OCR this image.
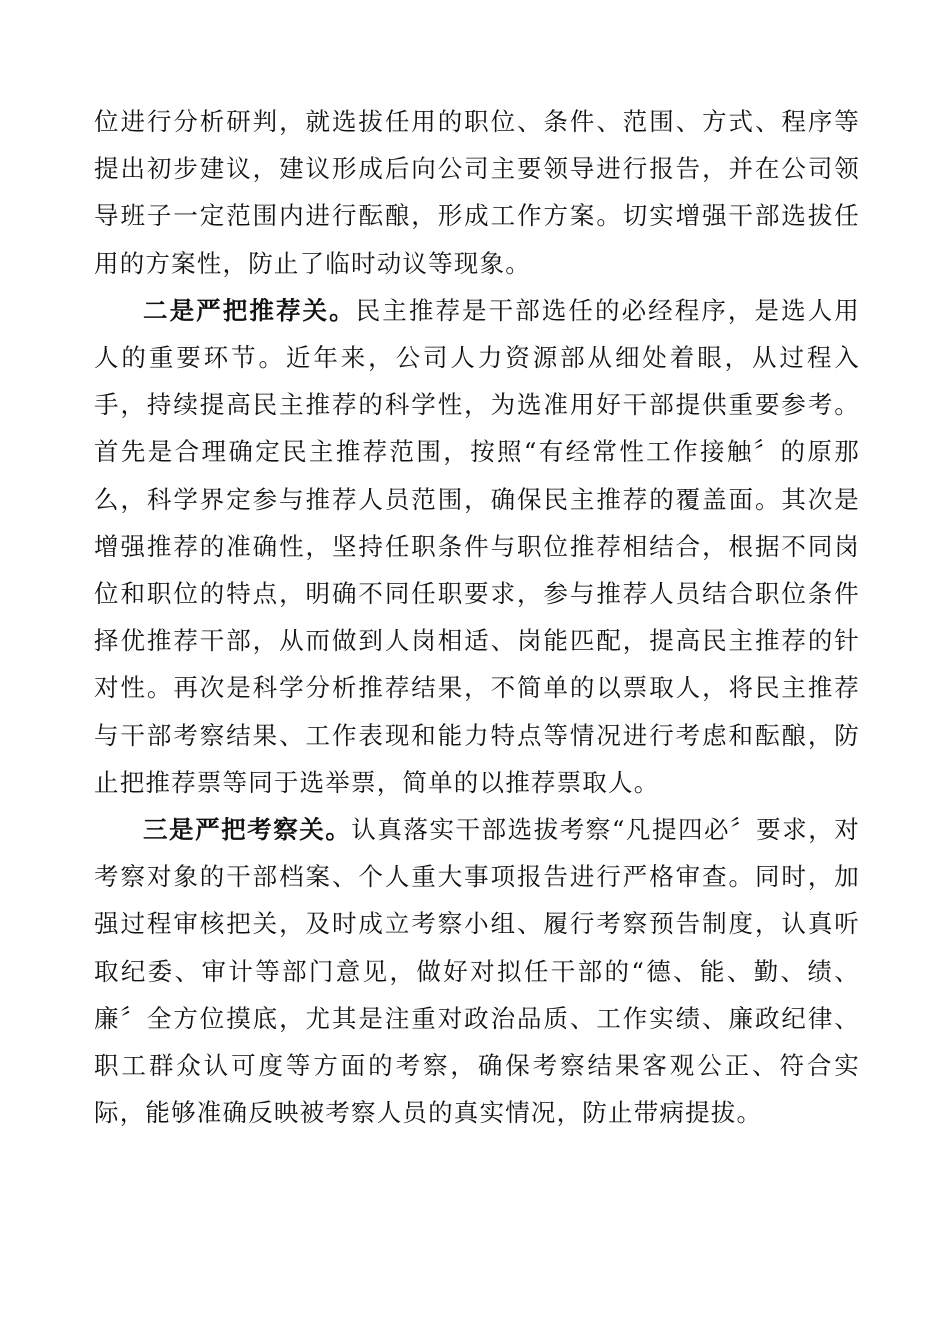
位进行分析研判，就选拔任用的职位、条件、范围、方式、程序等提出初步建议，建议形成后向公司主要领导进行报告，并在公司领导班子一定范围内进行酝酿，形成工作方案。切实增强干部选拔任用的方案性，防止了临时动议等现象。

二是严把推荐关。民主推荐是干部选任的必经程序，是选人用人的重要环节。近年来，公司人力资源部从细处着眼，从过程入手，持续提高民主推荐的科学性，为选准用好干部提供重要参考。首先是合理确定民主推荐范围，按照“有经常性工作接触〞的原那么，科学界定参与推荐人员范围，确保民主推荐的覆盖面。其次是增强推荐的准确性，坚持任职条件与职位推荐相结合，根据不同岗位和职位的特点，明确不同任职要求，参与推荐人员结合职位条件择优推荐干部，从而做到人岗相适、岗能匹配，提高民主推荐的针对性。再次是科学分析推荐结果，不简单的以票取人，将民主推荐与干部考察结果、工作表现和能力特点等情况进行考虑和酝酿，防止把推荐票等同于选举票，简单的以推荐票取人。

三是严把考察关。认真落实干部选拔考察“凡提四必〞要求，对考察对象的干部档案、个人重大事项报告进行严格审查。同时，加强过程审核把关，及时成立考察小组、履行考察预告制度，认真听取纪委、审计等部门意见，做好对拟任干部的“德、能、勤、绩、廉〞全方位摸底，尤其是注重对政治品质、工作实绩、廉政纪律、职工群众认可度等方面的考察，确保考察结果客观公正、符合实际，能够准确反映被考察人员的真实情况，防止带病提拔。
